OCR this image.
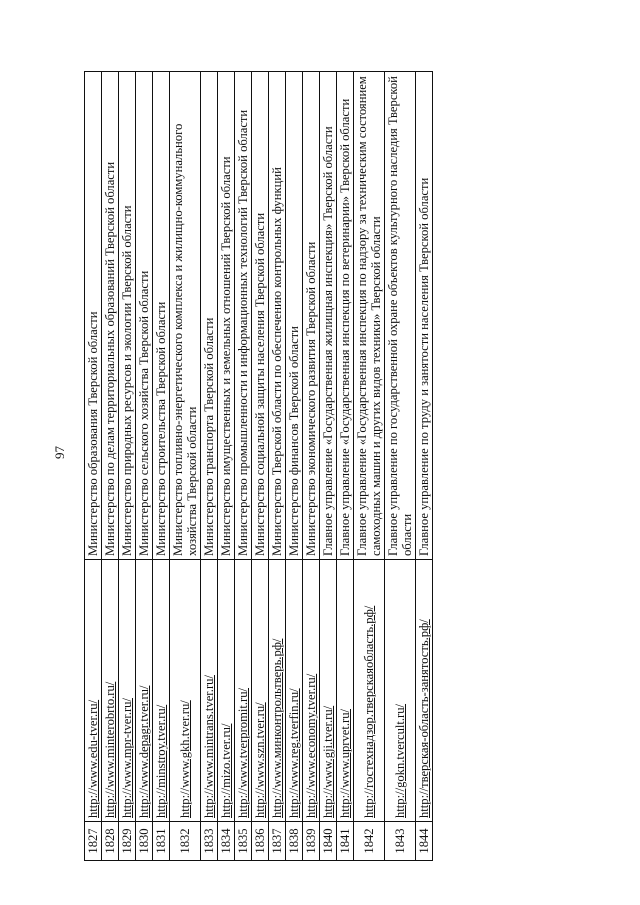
97
1827	http://www.edu-tver.ru/	Министерство образования Тверской области
1828	http://www.minterobrto.ru/	Министерство по делам территориальных образований Тверской области
1829	http://www.mpr-tver.ru/	Министерство природных ресурсов и экологии Тверской области
1830	http://www.depagr.tver.ru/	Министерство сельского хозяйства Тверской области
1831	http://minstroy.tver.ru/	Министерство строительства Тверской области
1832	http://www.gkh.tver.ru/	Министерство топливно-энергетического комплекса и жилищно-коммунального хозяйства Тверской области
1833	http://www.mintrans.tver.ru/	Министерство транспорта Тверской области
1834	http://mizo.tver.ru/	Министерство имущественных и земельных отношений Тверской области
1835	http://www.tverpromit.ru/	Министерство промышленности и информационных технологий Тверской области
1836	http://www.szn.tver.ru/	Министерство социальной защиты населения Тверской области
1837	http://www.минконтрольтверь.рф/	Министерство Тверской области по обеспечению контрольных функций
1838	http://www.reg.tverfin.ru/	Министерство финансов Тверской области
1839	http://www.economy.tver.ru/	Министерство экономического развития Тверской области
1840	http://www.gji.tver.ru/	Главное управление «Государственная жилищная инспекция» Тверской области
1841	http://www.uprvet.ru/	Главное управление «Государственная инспекция по ветеринарии» Тверской области
1842	http://гостехнадзор.тверскаяобласть.рф/	Главное управление «Государственная инспекция по надзору за техническим состоянием самоходных машин и других видов техники» Тверской области
1843	http://gokn.tvercult.ru/	Главное управление по государственной охране объектов культурного наследия Тверской области
1844	http://тверская-область-занятость.рф/	Главное управление по труду и занятости населения Тверской области
